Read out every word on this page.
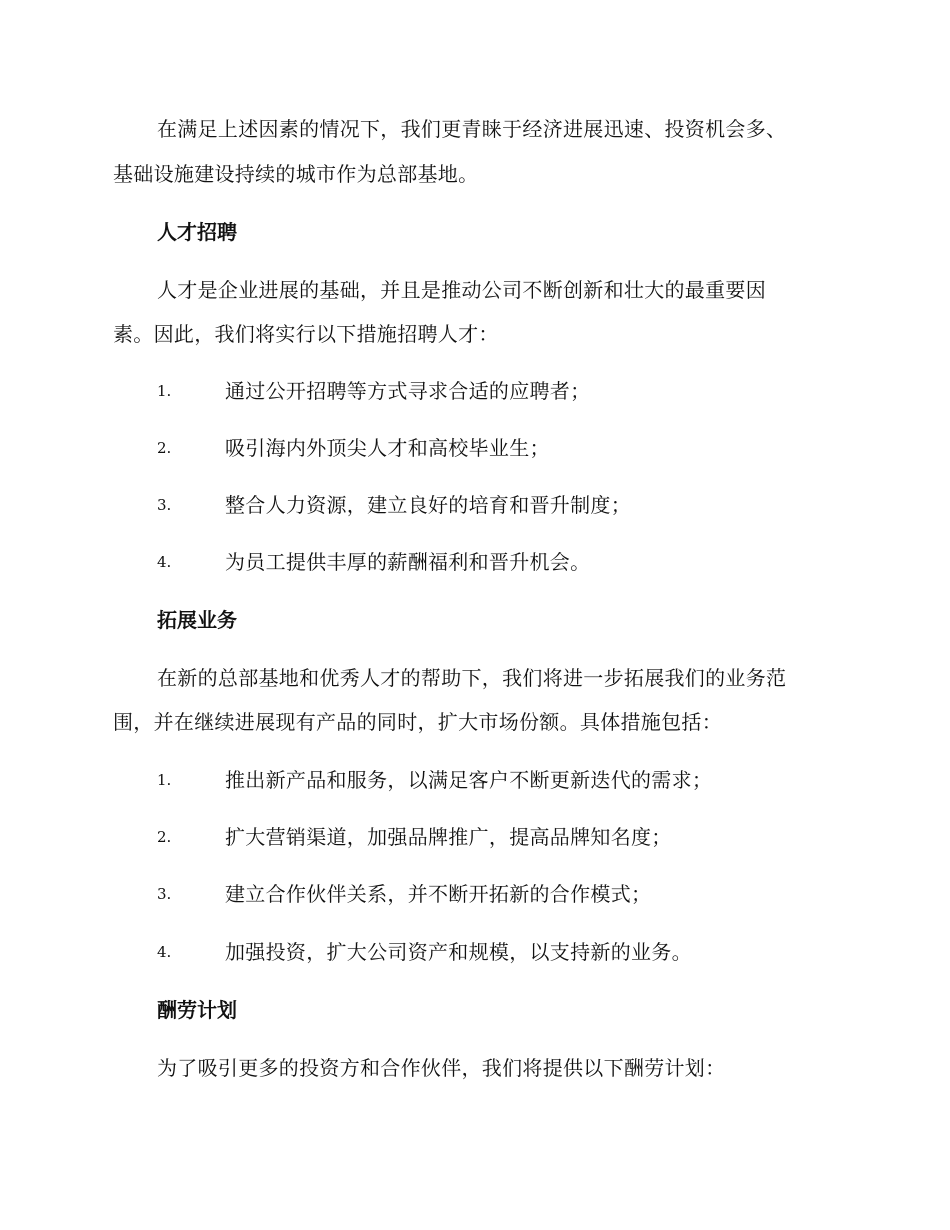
在满足上述因素的情况下，我们更青睐于经济进展迅速、投资机会多、
基础设施建设持续的城市作为总部基地。
人才招聘
人才是企业进展的基础，并且是推动公司不断创新和壮大的最重要因
素。因此，我们将实行以下措施招聘人才：
1.	通过公开招聘等方式寻求合适的应聘者；
2.	吸引海内外顶尖人才和高校毕业生；
3.	整合人力资源，建立良好的培育和晋升制度；
4.	为员工提供丰厚的薪酬福利和晋升机会。
拓展业务
在新的总部基地和优秀人才的帮助下，我们将进一步拓展我们的业务范
围，并在继续进展现有产品的同时，扩大市场份额。具体措施包括：
1.	推出新产品和服务，以满足客户不断更新迭代的需求；
2.	扩大营销渠道，加强品牌推广，提高品牌知名度；
3.	建立合作伙伴关系，并不断开拓新的合作模式；
4.	加强投资，扩大公司资产和规模，以支持新的业务。
酬劳计划
为了吸引更多的投资方和合作伙伴，我们将提供以下酬劳计划：
